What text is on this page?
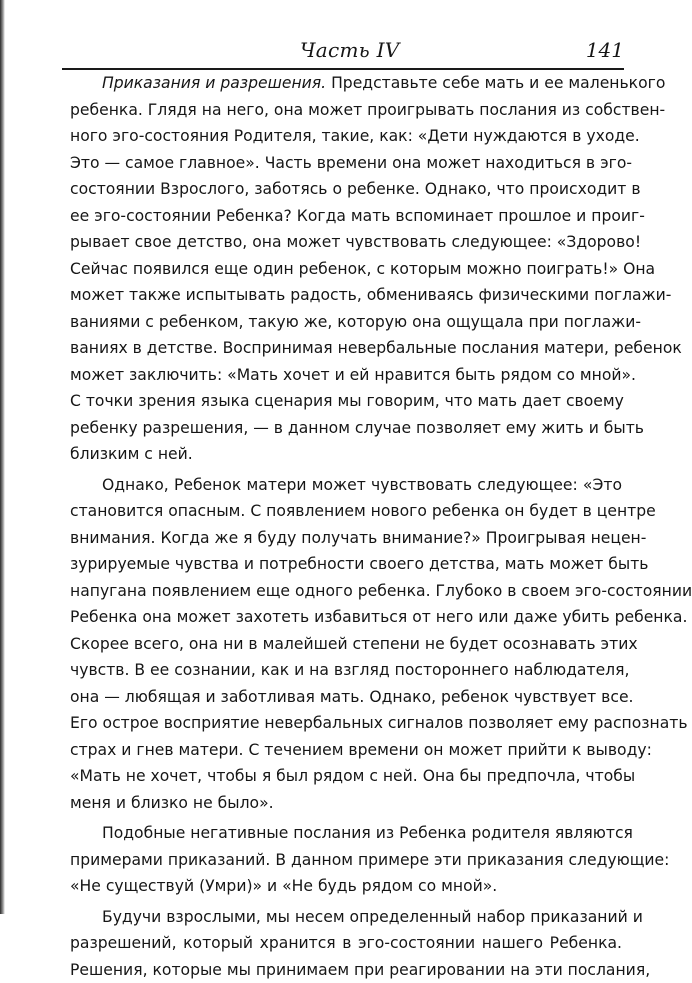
Часть IV	141
Приказания и разрешения. Представьте себе мать и ее маленького
ребенка. Глядя на него, она может проигрывать послания из собствен-
ного эго-состояния Родителя, такие, как: «Дети нуждаются в уходе.
Это — самое главное». Часть времени она может находиться в эго-
состоянии Взрослого, заботясь о ребенке. Однако, что происходит в
ее эго-состоянии Ребенка? Когда мать вспоминает прошлое и проиг-
рывает свое детство, она может чувствовать следующее: «Здорово!
Сейчас появился еще один ребенок, с которым можно поиграть!» Она
может также испытывать радость, обмениваясь физическими поглажи-
ваниями с ребенком, такую же, которую она ощущала при поглажи-
ваниях в детстве. Воспринимая невербальные послания матери, ребенок
может заключить: «Мать хочет и ей нравится быть рядом со мной».
С точки зрения языка сценария мы говорим, что мать дает своему
ребенку разрешения, — в данном случае позволяет ему жить и быть
близким с ней.
Однако, Ребенок матери может чувствовать следующее: «Это
становится опасным. С появлением нового ребенка он будет в центре
внимания. Когда же я буду получать внимание?» Проигрывая нецен-
зурируемые чувства и потребности своего детства, мать может быть
напугана появлением еще одного ребенка. Глубоко в своем эго-состоянии
Ребенка она может захотеть избавиться от него или даже убить ребенка.
Скорее всего, она ни в малейшей степени не будет осознавать этих
чувств. В ее сознании, как и на взгляд постороннего наблюдателя,
она — любящая и заботливая мать. Однако, ребенок чувствует все.
Его острое восприятие невербальных сигналов позволяет ему распознать
страх и гнев матери. С течением времени он может прийти к выводу:
«Мать не хочет, чтобы я был рядом с ней. Она бы предпочла, чтобы
меня и близко не было».
Подобные негативные послания из Ребенка родителя являются
примерами приказаний. В данном примере эти приказания следующие:
«Не существуй (Умри)» и «Не будь рядом со мной».
Будучи взрослыми, мы несем определенный набор приказаний и
разрешений, который хранится в эго-состоянии нашего Ребенка.
Решения, которые мы принимаем при реагировании на эти послания,
